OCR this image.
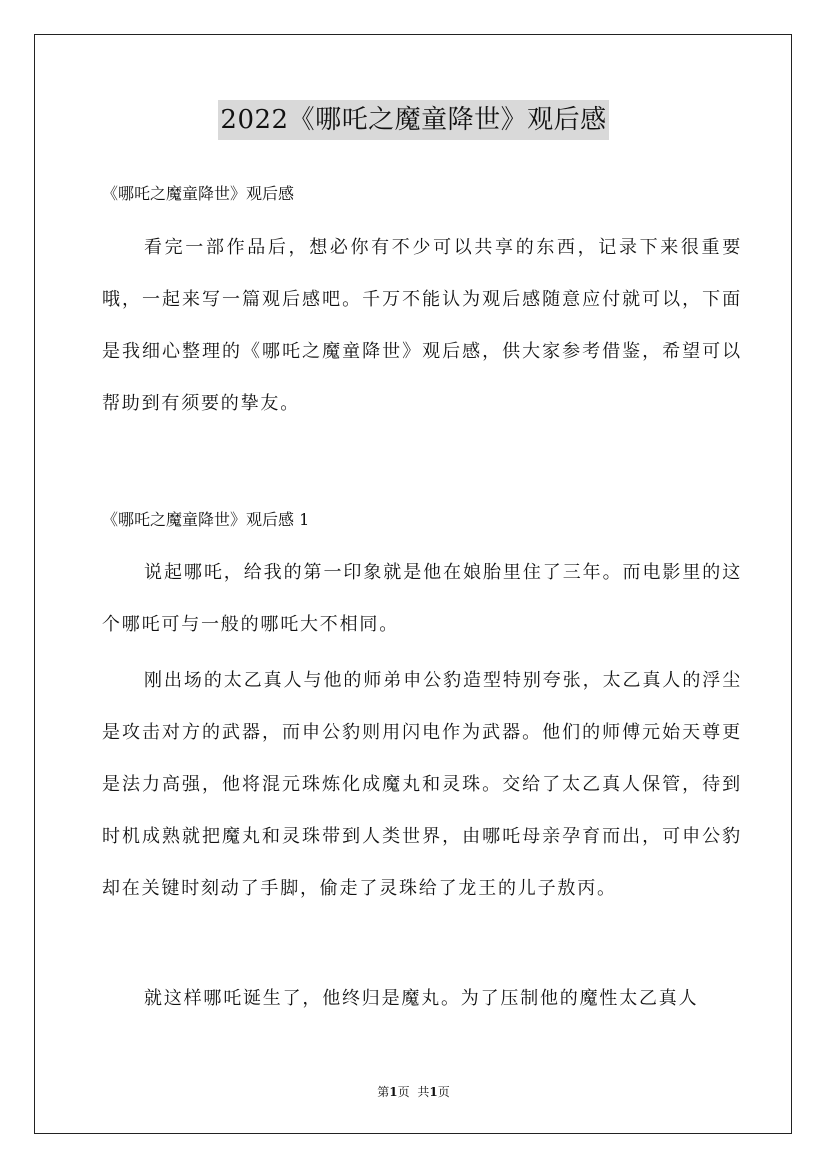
2022《哪吒之魔童降世》观后感
《哪吒之魔童降世》观后感

看完一部作品后，想必你有不少可以共享的东西，记录下来很重要哦，一起来写一篇观后感吧。千万不能认为观后感随意应付就可以，下面是我细心整理的《哪吒之魔童降世》观后感，供大家参考借鉴，希望可以帮助到有须要的挚友。

《哪吒之魔童降世》观后感 1

说起哪吒，给我的第一印象就是他在娘胎里住了三年。而电影里的这个哪吒可与一般的哪吒大不相同。

刚出场的太乙真人与他的师弟申公豹造型特别夸张，太乙真人的浮尘是攻击对方的武器，而申公豹则用闪电作为武器。他们的师傅元始天尊更是法力高强，他将混元珠炼化成魔丸和灵珠。交给了太乙真人保管，待到时机成熟就把魔丸和灵珠带到人类世界，由哪吒母亲孕育而出，可申公豹却在关键时刻动了手脚，偷走了灵珠给了龙王的儿子敖丙。

就这样哪吒诞生了，他终归是魔丸。为了压制他的魔性太乙真人

第1页 共1页
